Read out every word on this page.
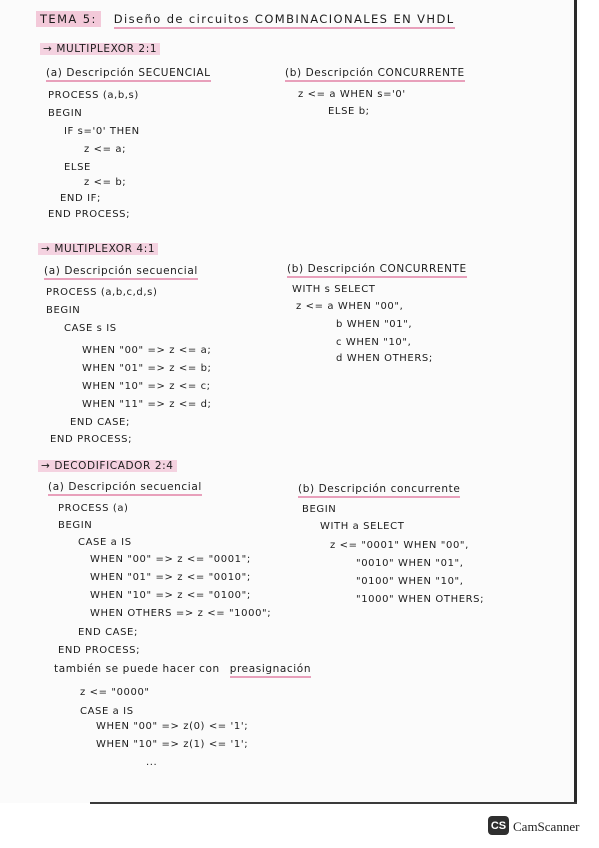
TEMA 5: Diseño de circuitos COMBINACIONALES EN VHDL
→ MULTIPLEXOR 2:1
(a) Descripción SECUENCIAL
PROCESS (a,b,s)
BEGIN
IF s='0' THEN
z <= a;
ELSE
z <= b;
END IF;
END PROCESS;
(b) Descripción CONCURRENTE
z <= a WHEN s='0'
ELSE b;
→ MULTIPLEXOR 4:1
(a) Descripción secuencial
PROCESS (a,b,c,d,s)
BEGIN
CASE s IS
WHEN "00" => z <= a;
WHEN "01" => z <= b;
WHEN "10" => z <= c;
WHEN "11" => z <= d;
END CASE;
END PROCESS;
(b) Descripción CONCURRENTE
WITH s SELECT
z <= a WHEN "00",
b WHEN "01",
c WHEN "10",
d WHEN OTHERS;
→ DECODIFICADOR 2:4
(a) Descripción secuencial
PROCESS (a)
BEGIN
CASE a IS
WHEN "00" => z <= "0001";
WHEN "01" => z <= "0010";
WHEN "10" => z <= "0100";
WHEN OTHERS => z <= "1000";
END CASE;
END PROCESS;
(b) Descripción concurrente
BEGIN
WITH a SELECT
z <= "0001" WHEN "00",
"0010" WHEN "01",
"0100" WHEN "10",
"1000" WHEN OTHERS;
también se puede hacer con preasignación
z <= "0000"
CASE a IS
WHEN "00" => z(0) <= '1';
WHEN "10" => z(1) <= '1';
...
CS CamScanner
